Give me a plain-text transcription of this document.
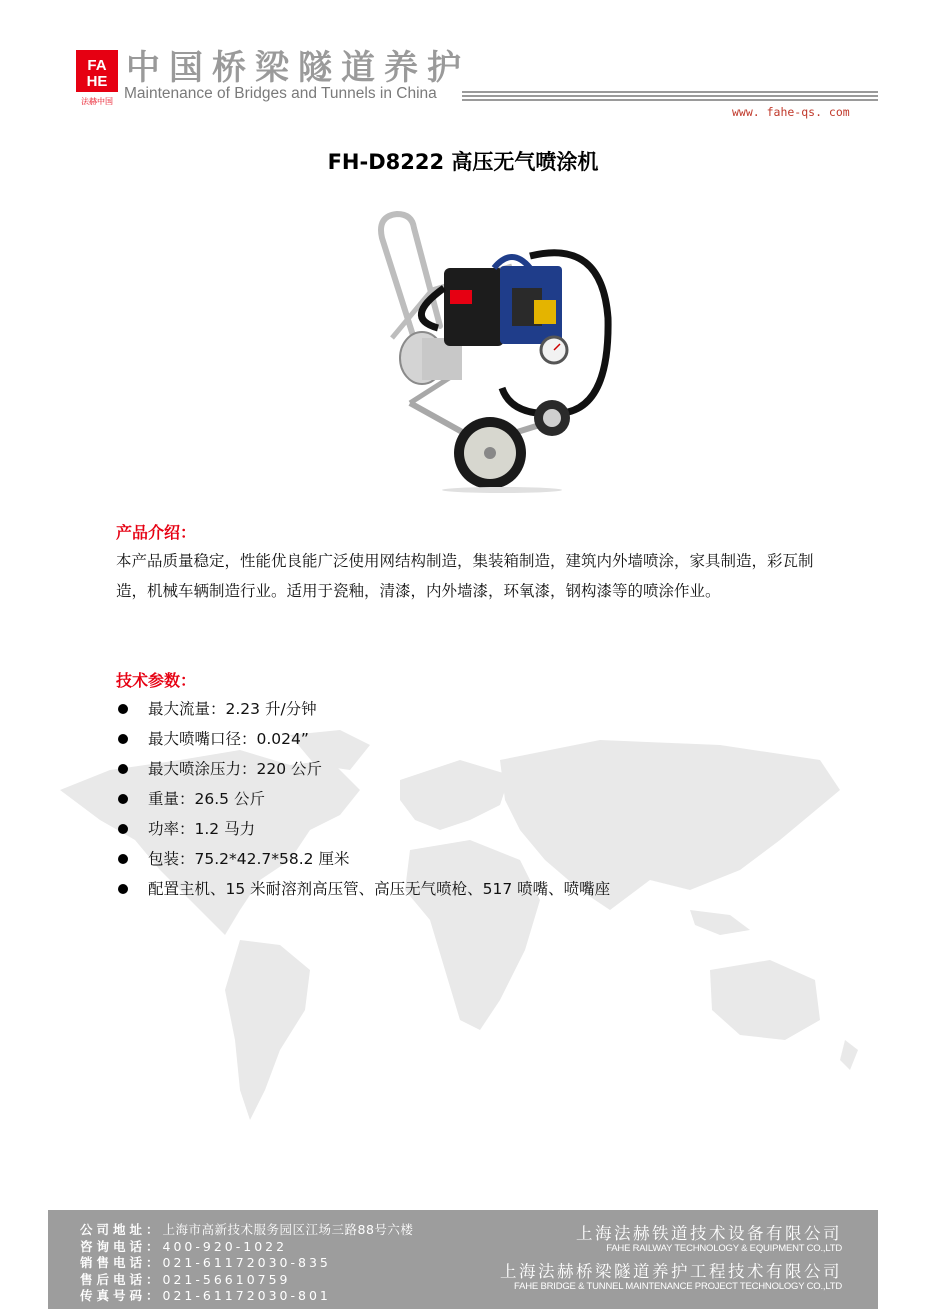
FA
HE
法赫中国
中国桥梁隧道养护
Maintenance of Bridges and Tunnels in China
www. fahe-qs. com
FH-D8222 高压无气喷涂机
产品介绍：
本产品质量稳定，性能优良能广泛使用网结构制造，集装箱制造，建筑内外墙喷涂，家具制造，彩瓦制造，机械车辆制造行业。适用于瓷釉，清漆，内外墙漆，环氧漆，钢构漆等的喷涂作业。
技术参数：
最大流量：2.23 升/分钟
最大喷嘴口径：0.024”
最大喷涂压力：220 公斤
重量：26.5 公斤
功率：1.2 马力
包装：75.2*42.7*58.2 厘米
配置主机、15 米耐溶剂高压管、高压无气喷枪、517 喷嘴、喷嘴座
公司地址：上海市高新技术服务园区江场三路88号六楼
咨询电话：400-920-1022
销售电话：021-61172030-835
售后电话：021-56610759
传真号码：021-61172030-801
上海法赫铁道技术设备有限公司
FAHE RAILWAY TECHNOLOGY & EQUIPMENT CO.,LTD
上海法赫桥梁隧道养护工程技术有限公司
FAHE BRIDGE & TUNNEL MAINTENANCE PROJECT TECHNOLOGY CO.,LTD
